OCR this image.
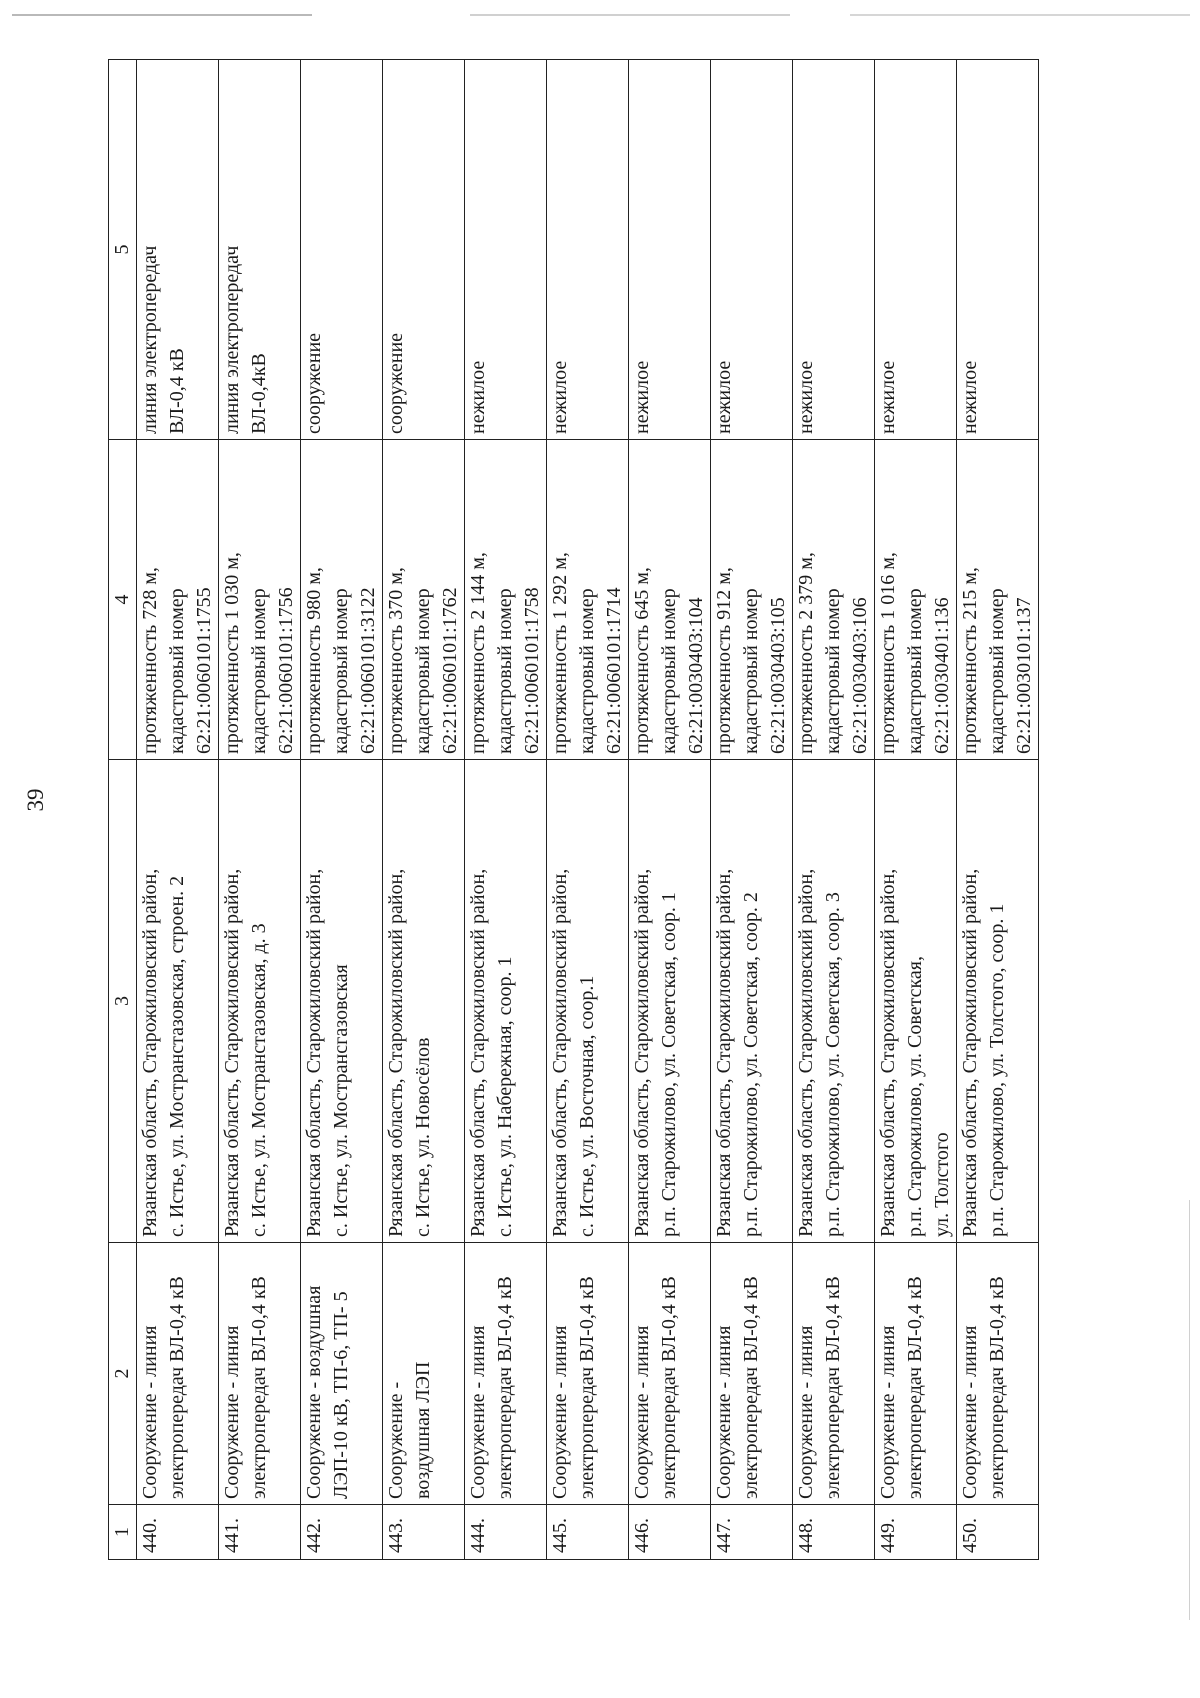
39
1	2	3	4	5
440.	Сооружение - линия электропередач ВЛ-0,4 кВ	Рязанская область, Старожиловский район, с. Истье, ул. Мостранстазовская, строен. 2	протяженность 728 м, кадастровый номер 62:21:0060101:1755	линия электропередач ВЛ-0,4 кВ

441.	Сооружение - линия электропередач ВЛ-0,4 кВ	Рязанская область, Старожиловский район, с. Истье, ул. Мостранстазовская, д. 3	протяженность 1 030 м, кадастровый номер 62:21:0060101:1756	линия электропередач ВЛ-0,4кВ

442.	Сооружение - воздушная ЛЭП-10 кВ, ТП-6, ТП- 5	Рязанская область, Старожиловский район, с. Истье, ул. Мострансгазовская	протяженность 980 м, кадастровый номер 62:21:0060101:3122	сооружение

443.	Сооружение - воздушная ЛЭП	Рязанская область, Старожиловский район, с. Истье, ул. Новосёлов	протяженность 370 м, кадастровый номер 62:21:0060101:1762	сооружение

444.	Сооружение - линия электропередач ВЛ-0,4 кВ	Рязанская область, Старожиловский район, с. Истье, ул. Набережная, соор. 1	протяженность 2 144 м, кадастровый номер 62:21:0060101:1758	нежилое

445.	Сооружение - линия электропередач ВЛ-0,4 кВ	Рязанская область, Старожиловский район, с. Истье, ул. Восточная, соор.1	протяженность 1 292 м, кадастровый номер 62:21:0060101:1714	нежилое

446.	Сооружение - линия электропередач ВЛ-0,4 кВ	Рязанская область, Старожиловский район, р.п. Старожилово, ул. Советская, соор. 1	протяженность 645 м, кадастровый номер 62:21:0030403:104	нежилое

447.	Сооружение - линия электропередач ВЛ-0,4 кВ	Рязанская область, Старожиловский район, р.п. Старожилово, ул. Советская, соор. 2	протяженность 912 м, кадастровый номер 62:21:0030403:105	нежилое

448.	Сооружение - линия электропередач ВЛ-0,4 кВ	Рязанская область, Старожиловский район, р.п. Старожилово, ул. Советская, соор. 3	протяженность 2 379 м, кадастровый номер 62:21:0030403:106	нежилое

449.	Сооружение - линия электропередач ВЛ-0,4 кВ	Рязанская область, Старожиловский район, р.п. Старожилово, ул. Советская, ул. Толстого	протяженность 1 016 м, кадастровый номер 62:21:0030401:136	нежилое

450.	Сооружение - линия электропередач ВЛ-0,4 кВ	Рязанская область, Старожиловский район, р.п. Старожилово, ул. Толстого, соор. 1	протяженность 215 м, кадастровый номер 62:21:0030101:137	нежилое
